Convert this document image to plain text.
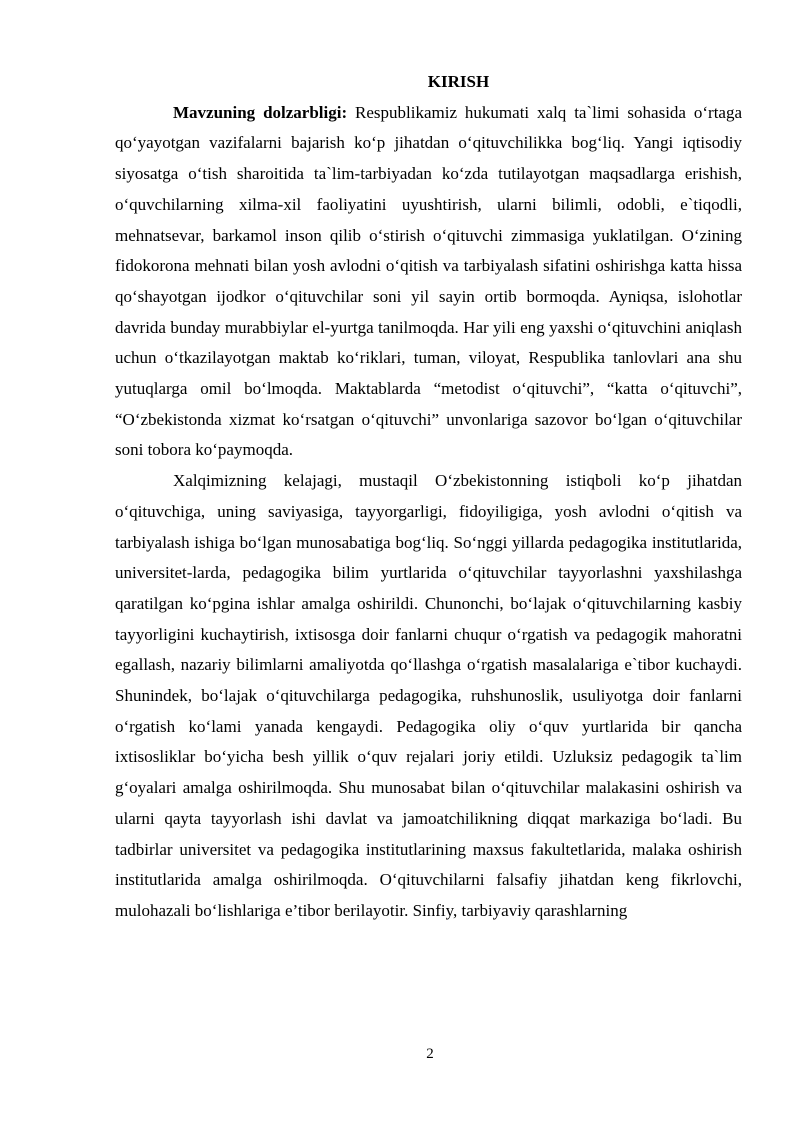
KIRISH

Mavzuning dolzarbligi: Respublikamiz hukumati xalq ta`limi sohasida oʻrtaga qoʻyayotgan vazifalarni bajarish koʻp jihatdan oʻqituvchilikka bogʻliq. Yangi iqtisodiy siyosatga oʻtish sharoitida ta`lim-tarbiyadan koʻzda tutilayotgan maqsadlarga erishish, oʻquvchilarning xilma-xil faoliyatini uyushtirish, ularni bilimli, odobli, e`tiqodli, mehnatsevar, barkamol inson qilib oʻstirish oʻqituvchi zimmasiga yuklatilgan. Oʻzining fidokorona mehnati bilan yosh avlodni oʻqitish va tarbiyalash sifatini oshirishga katta hissa qoʻshayotgan ijodkor oʻqituvchilar soni yil sayin ortib bormoqda. Ayniqsa, islohotlar davrida bunday murabbiylar el-yurtga tanilmoqda. Har yili eng yaxshi oʻqituvchini aniqlash uchun oʻtkazilayotgan maktab koʻriklari, tuman, viloyat, Respublika tanlovlari ana shu yutuqlarga omil boʻlmoqda. Maktablarda “metodist oʻqituvchi”, “katta oʻqituvchi”, “Oʻzbekistonda xizmat koʻrsatgan oʻqituvchi” unvonlariga sazovor boʻlgan oʻqituvchilar soni tobora koʻpaymoqda.

Xalqimizning kelajagi, mustaqil Oʻzbekistonning istiqboli koʻp jihatdan oʻqituvchiga, uning saviyasiga, tayyorgarligi, fidoyiligiga, yosh avlodni oʻqitish va tarbiyalash ishiga boʻlgan munosabatiga bogʻliq. Soʻnggi yillarda pedagogika institutlarida, universitet-larda, pedagogika bilim yurtlarida oʻqituvchilar tayyorlashni yaxshilashga qaratilgan koʻpgina ishlar amalga oshirildi. Chunonchi, boʻlajak oʻqituvchilarning kasbiy tayyorligini kuchaytirish, ixtisosga doir fanlarni chuqur oʻrgatish va pedagogik mahoratni egallash, nazariy bilimlarni amaliyotda qoʻllashga oʻrgatish masalalariga e`tibor kuchaydi. Shunindek, boʻlajak oʻqituvchilarga pedagogika, ruhshunoslik, usuliyotga doir fanlarni oʻrgatish koʻlami yanada kengaydi. Pedagogika oliy oʻquv yurtlarida bir qancha ixtisosliklar boʻyicha besh yillik oʻquv rejalari joriy etildi. Uzluksiz pedagogik ta`lim gʻoyalari amalga oshirilmoqda. Shu munosabat bilan oʻqituvchilar malakasini oshirish va ularni qayta tayyorlash ishi davlat va jamoatchilikning diqqat markaziga boʻladi. Bu tadbirlar universitet va pedagogika institutlarining maxsus fakultetlarida, malaka oshirish institutlarida amalga oshirilmoqda. Oʻqituvchilarni falsafiy jihatdan keng fikrlovchi, mulohazali boʻlishlariga e’tibor berilayotir. Sinfiy, tarbiyaviy qarashlarning

2
